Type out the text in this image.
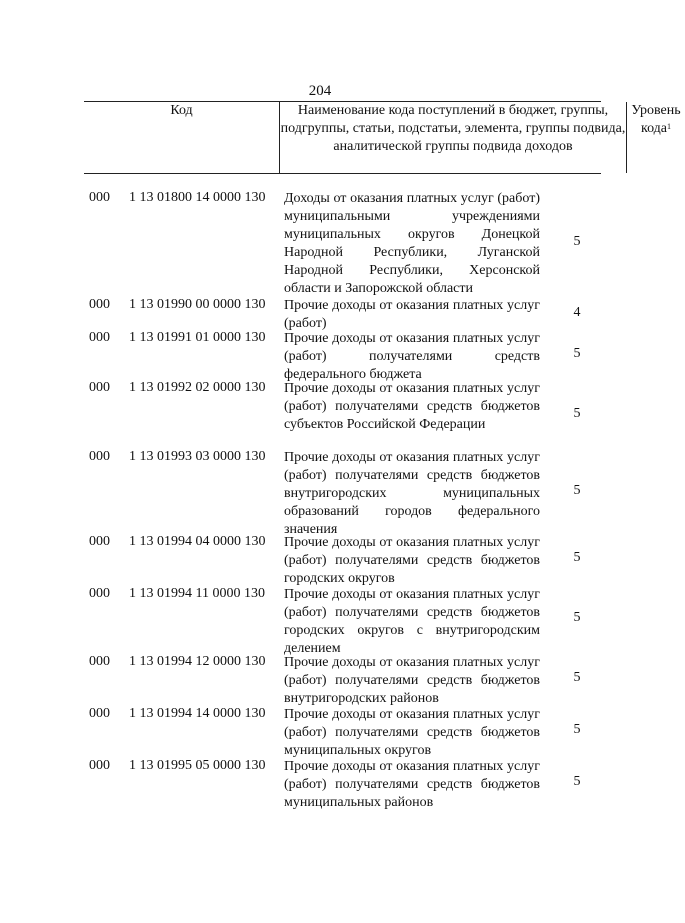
204
Код	Наименование кода поступлений в бюджет, группы, подгруппы, статьи, подстатьи, элемента, группы подвида, аналитической группы подвида доходов
Уровень кода$^1$
000 1 13 01800 14 0000 130 Доходы от оказания платных услуг (работ) муниципальными учреждениями муниципальных округов Донецкой Народной Республики, Луганской Народной Республики, Херсонской области и Запорожской области
5
000 1 13 01990 00 0000 130 Прочие доходы от оказания платных услуг (работ)
4
000 1 13 01991 01 0000 130 Прочие доходы от оказания платных услуг (работ) получателями средств федерального бюджета
5
000 1 13 01992 02 0000 130 Прочие доходы от оказания платных услуг (работ) получателями средств бюджетов субъектов Российской Федерации
5
000 1 13 01993 03 0000 130 Прочие доходы от оказания платных услуг (работ) получателями средств бюджетов внутригородских муниципальных образований городов федерального значения
5
000 1 13 01994 04 0000 130 Прочие доходы от оказания платных услуг (работ) получателями средств бюджетов городских округов
5
000 1 13 01994 11 0000 130 Прочие доходы от оказания платных услуг (работ) получателями средств бюджетов городских округов с внутригородским делением
5
000 1 13 01994 12 0000 130 Прочие доходы от оказания платных услуг (работ) получателями средств бюджетов внутригородских районов
5
000 1 13 01994 14 0000 130 Прочие доходы от оказания платных услуг (работ) получателями средств бюджетов муниципальных округов
5
000 1 13 01995 05 0000 130 Прочие доходы от оказания платных услуг (работ) получателями средств бюджетов муниципальных районов
5
